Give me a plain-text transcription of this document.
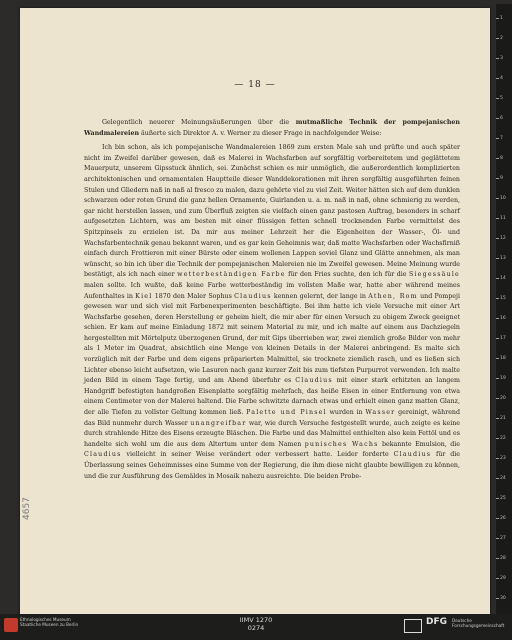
— 18 —

Gelegentlich neuerer Meinungsäußerungen über die mutmaßliche Technik der pompejanischen Wandmalereien äußerte sich Direktor A. v. Werner zu dieser Frage in nachfolgender Weise:

Ich bin schon, als ich pompejanische Wandmalereien 1869 zum ersten Male sah und prüfte und auch später nicht im Zweifel darüber gewesen, daß es Malerei in Wachsfarben auf sorgfältig vorbereitetem und geglättetem Mauerputz, unserem Gipsstuck ähnlich, sei. Zunächst schien es mir unmöglich, die außerordentlich komplizierten architektonischen und ornamentalen Hauptteile dieser Wanddekorationen mit ihren sorgfältig ausgeführten feinen Stulen und Gliedern naß in naß al fresco zu malen, dazu gehörte viel zu viel Zeit. Weiter hätten sich auf dem dunklen schwarzen oder roten Grund die ganz hellen Ornamente, Guirlanden u. a. m. naß in naß, ohne schmierig zu werden, gar nicht herstellen lassen, und zum Überfluß zeigten sie vielfach einen ganz pastosen Auftrag, besonders in scharf aufgesetzten Lichtern, was am besten mit einer flüssigen fetten schnell trocknenden Farbe vermittelst des Spitzpinsels zu erzielen ist. Da mir aus meiner Lehrzeit her die Eigenheiten der Wasser-, Öl- und Wachsfarbentechnik genau bekannt waren, und es gar kein Geheimnis war, daß matte Wachsfarben oder Wachsfirniß einfach durch Frottieren mit einer Bürste oder einem wollenen Lappen soviel Glanz und Glätte annehmen, als man wünscht, so bin ich über die Technik der pompejanischen Malereien nie im Zweifel gewesen. Meine Meinung wurde bestätigt, als ich nach einer wetterbeständigen Farbe für den Fries suchte, den ich für die Siegessäule malen sollte. Ich wußte, daß keine Farbe wetterbeständig im vollsten Maße war, hatte aber während meines Aufenthaltes in Kiel 1870 den Maler Sophus Claudius kennen gelernt, der lange in Athen, Rom und Pompeji gewesen war und sich viel mit Farbenexperimenten beschäftigte. Bei ihm hatte ich viele Versuche mit einer Art Wachsfarbe gesehen, deren Herstellung er geheim hielt, die mir aber für einen Versuch zu obigem Zweck geeignet schien. Er kam auf meine Einladung 1872 mit seinem Material zu mir, und ich malte auf einem aus Dachziegeln hergestellten mit Mörtelputz überzogenen Grund, der mit Gips überrieben war, zwei ziemlich große Bilder von mehr als 1 Meter im Quadrat, absichtlich eine Menge von kleinen Details in der Malerei anbringend. Es malte sich vorzüglich mit der Farbe und dem eigens präparierten Malmittel, sie trocknete ziemlich rasch, und es ließen sich Lichter ebenso leicht aufsetzen, wie Lasuren nach ganz kurzer Zeit bis zum tiefsten Purpurrot verwenden. Ich malte jeden Bild in einem Tage fertig, und am Abend überfuhr es Claudius mit einer stark erhitzten an langem Handgriff befestigten handgroßen Eisenplatte sorgfältig mehrfach, das heiße Eisen in einer Entfernung von etwa einem Centimeter von der Malerei haltend. Die Farbe schwitzte darnach etwas und erhielt einen ganz matten Glanz, der alle Tiefen zu vollster Geltung kommen ließ. Palette und Pinsel wurden in Wasser gereinigt, während das Bild nunmehr durch Wasser unangreifbar war, wie durch Versuche festgestellt wurde, auch zeigte es keine durch strahlende Hitze des Eisens erzeugte Bläschen. Die Farbe und das Malmittel enthielten also kein Fettöl und es handelte sich wohl um die aus dem Altertum unter dem Namen punisches Wachs bekannte Emulsion, die Claudius vielleicht in seiner Weise verändert oder verbessert hatte. Leider forderte Claudius für die Überlassung seines Geheimnisses eine Summe von der Regierung, die ihm diese nicht glaubte bewilligen zu können, und die zur Ausführung des Gemäldes in Mosaik nahezu ausreichte. Die beiden Probe-

4657
1
2
3
4
5
6
7
8
9
10
11
12
13
14
15
16
17
18
19
20
21
22
23
24
25
26
27
28
29
30
Ethnologisches Museum Staatliche Museen zu Berlin
IIMV 1270
0274
DFG Deutsche Forschungsgemeinschaft
